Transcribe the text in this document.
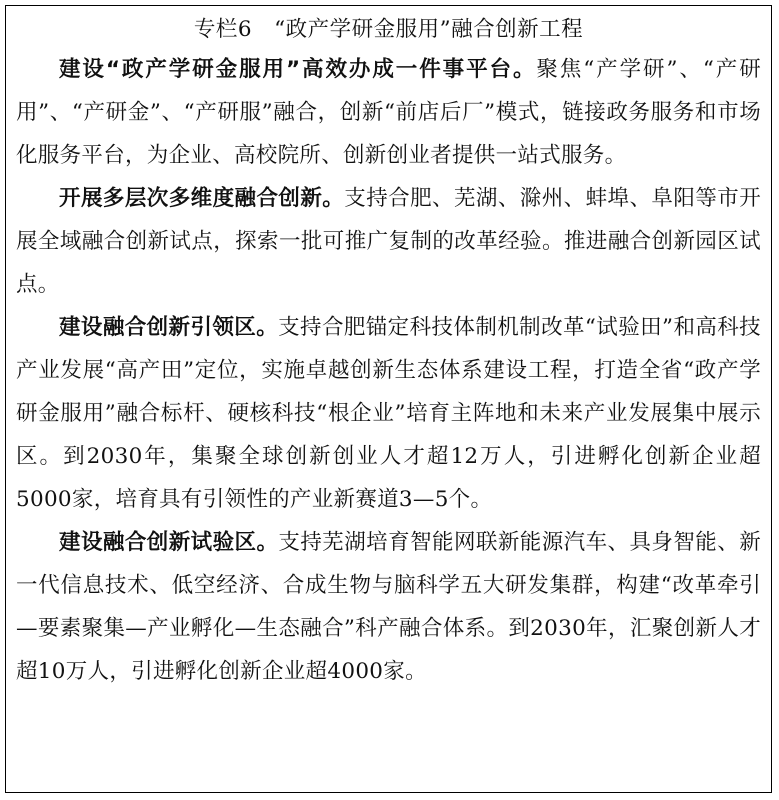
专栏6　“政产学研金服用”融合创新工程

建设“政产学研金服用”高效办成一件事平台。聚焦“产学研”、“产研用”、“产研金”、“产研服”融合，创新“前店后厂”模式，链接政务服务和市场化服务平台，为企业、高校院所、创新创业者提供一站式服务。

开展多层次多维度融合创新。支持合肥、芜湖、滁州、蚌埠、阜阳等市开展全域融合创新试点，探索一批可推广复制的改革经验。推进融合创新园区试点。

建设融合创新引领区。支持合肥锚定科技体制机制改革“试验田”和高科技产业发展“高产田”定位，实施卓越创新生态体系建设工程，打造全省“政产学研金服用”融合标杆、硬核科技“根企业”培育主阵地和未来产业发展集中展示区。到2030年，集聚全球创新创业人才超12万人，引进孵化创新企业超5000家，培育具有引领性的产业新赛道3—5个。

建设融合创新试验区。支持芜湖培育智能网联新能源汽车、具身智能、新一代信息技术、低空经济、合成生物与脑科学五大研发集群，构建“改革牵引—要素聚集—产业孵化—生态融合”科产融合体系。到2030年，汇聚创新人才超10万人，引进孵化创新企业超4000家。
